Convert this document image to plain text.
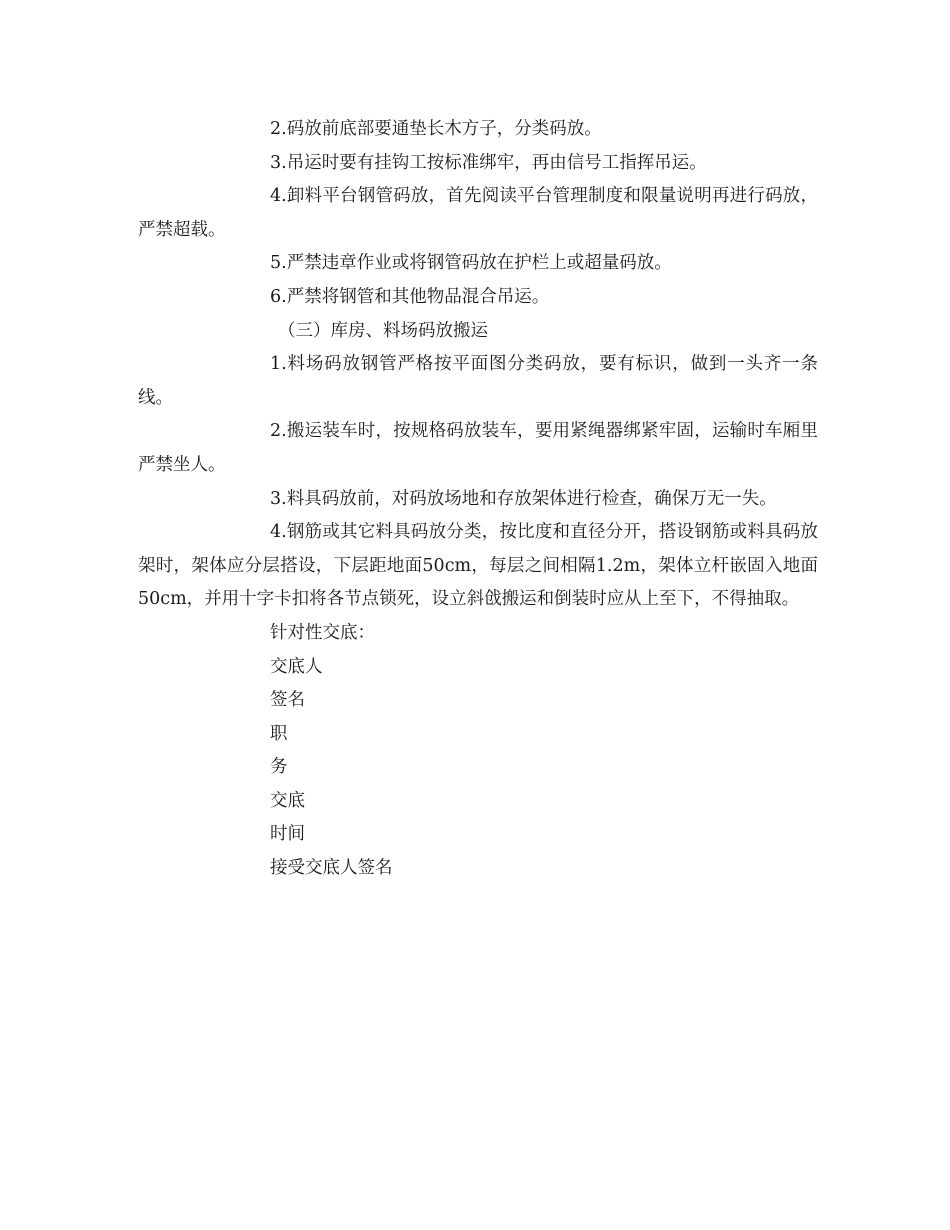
2.码放前底部要通垫长木方子，分类码放。

3.吊运时要有挂钩工按标准绑牢，再由信号工指挥吊运。

4.卸料平台钢管码放，首先阅读平台管理制度和限量说明再进行码放，严禁超载。

5.严禁违章作业或将钢管码放在护栏上或超量码放。

6.严禁将钢管和其他物品混合吊运。

（三）库房、料场码放搬运

1.料场码放钢管严格按平面图分类码放，要有标识，做到一头齐一条线。

2.搬运装车时，按规格码放装车，要用紧绳器绑紧牢固，运输时车厢里严禁坐人。

3.料具码放前，对码放场地和存放架体进行检查，确保万无一失。

4.钢筋或其它料具码放分类，按比度和直径分开，搭设钢筋或料具码放架时，架体应分层搭设，下层距地面50cm，每层之间相隔1.2m，架体立杆嵌固入地面50cm，并用十字卡扣将各节点锁死，设立斜戗搬运和倒装时应从上至下，不得抽取。

针对性交底：

交底人

签名

职

务

交底

时间

接受交底人签名
